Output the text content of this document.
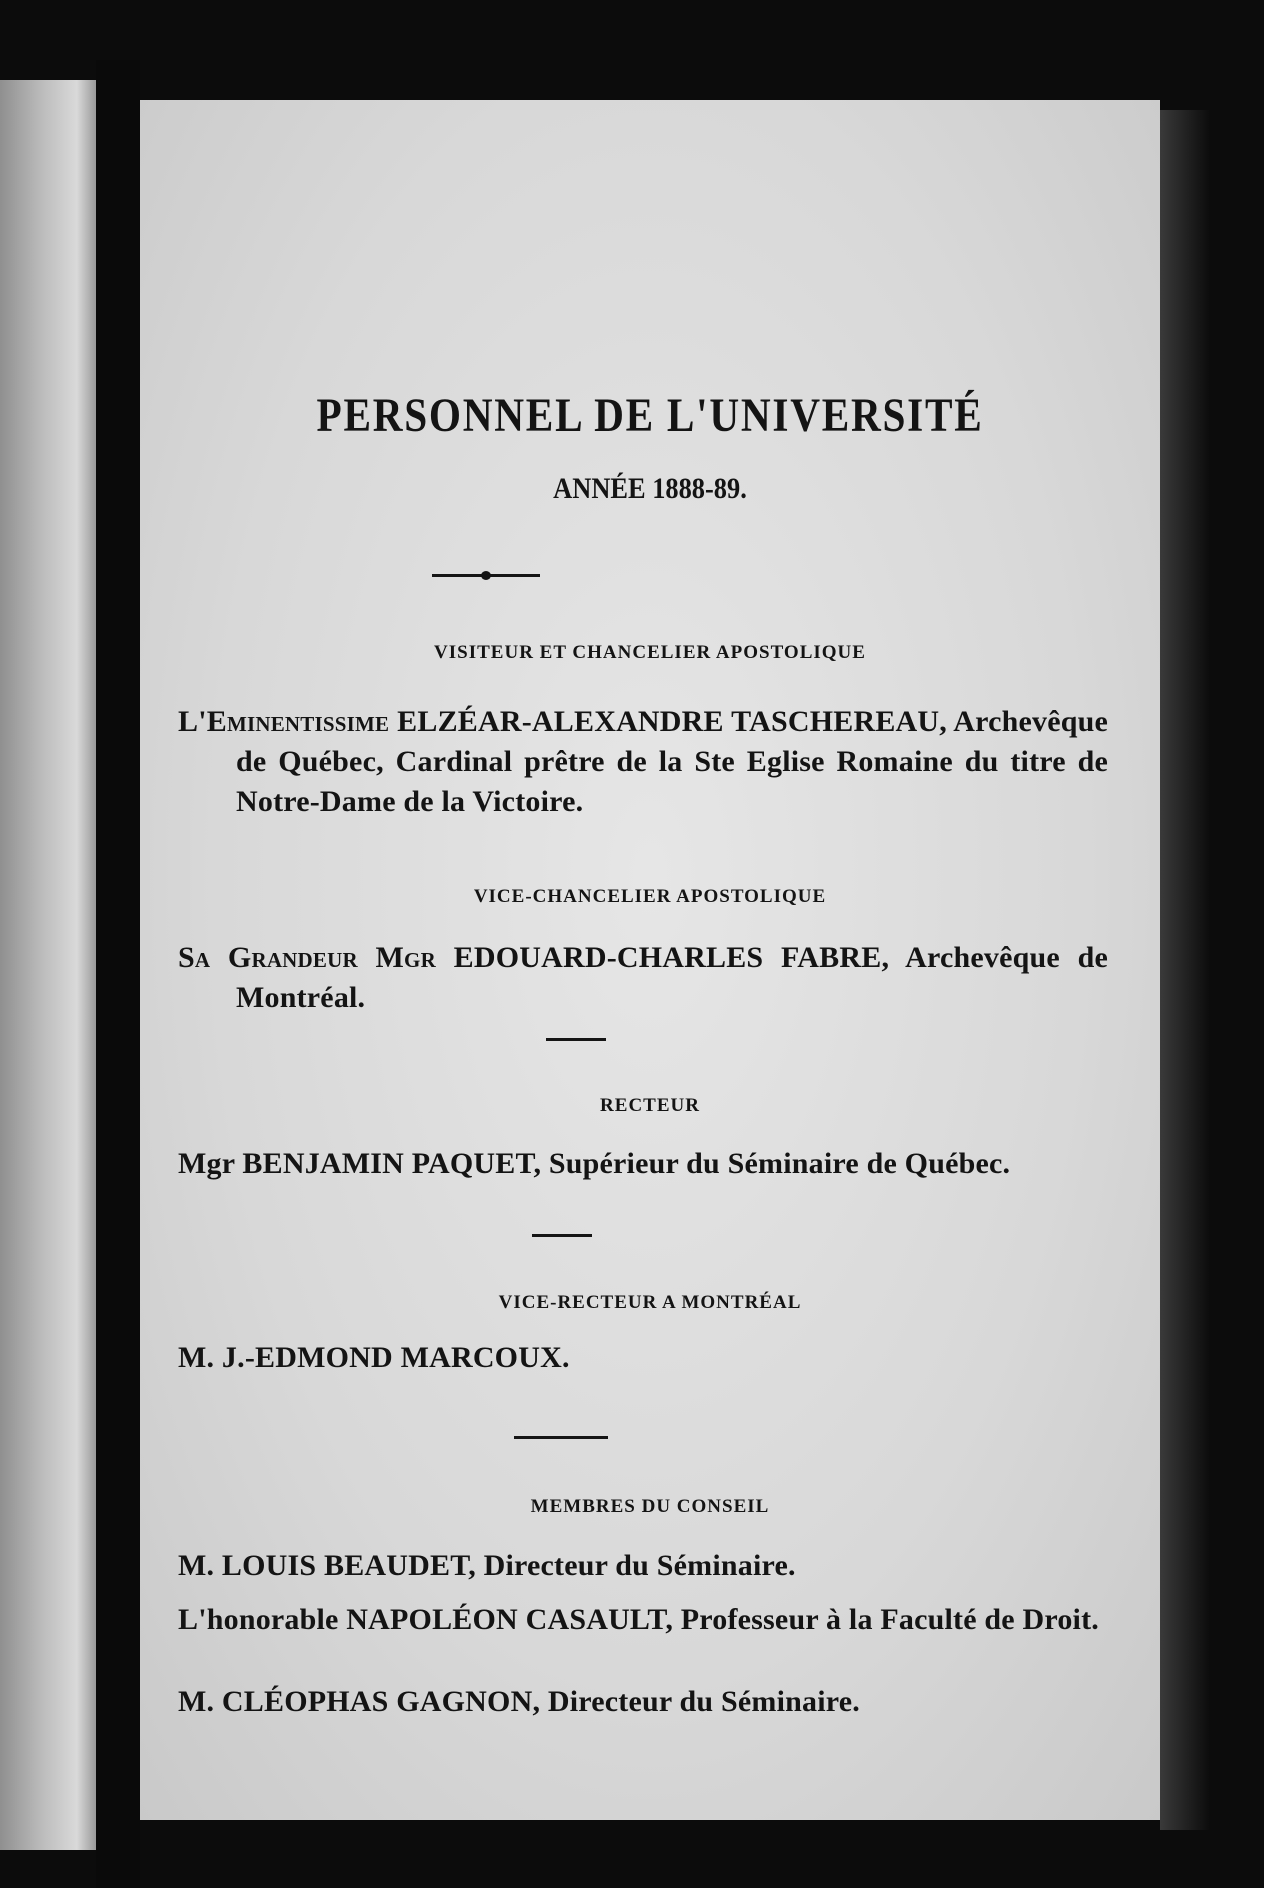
PERSONNEL DE L'UNIVERSITÉ
ANNÉE 1888-89.
VISITEUR ET CHANCELIER APOSTOLIQUE
L'Eminentissime ELZÉAR-ALEXANDRE TASCHEREAU, Archevêque de Québec, Cardinal prêtre de la Ste Eglise Romaine du titre de Notre-Dame de la Victoire.
VICE-CHANCELIER APOSTOLIQUE
Sa Grandeur Mgr EDOUARD-CHARLES FABRE, Archevêque de Montréal.
RECTEUR
Mgr BENJAMIN PAQUET, Supérieur du Séminaire de Québec.
VICE-RECTEUR A MONTRÉAL
M. J.-EDMOND MARCOUX.
MEMBRES DU CONSEIL
M. LOUIS BEAUDET, Directeur du Séminaire.
L'honorable NAPOLÉON CASAULT, Professeur à la Faculté de Droit.
M. CLÉOPHAS GAGNON, Directeur du Séminaire.
